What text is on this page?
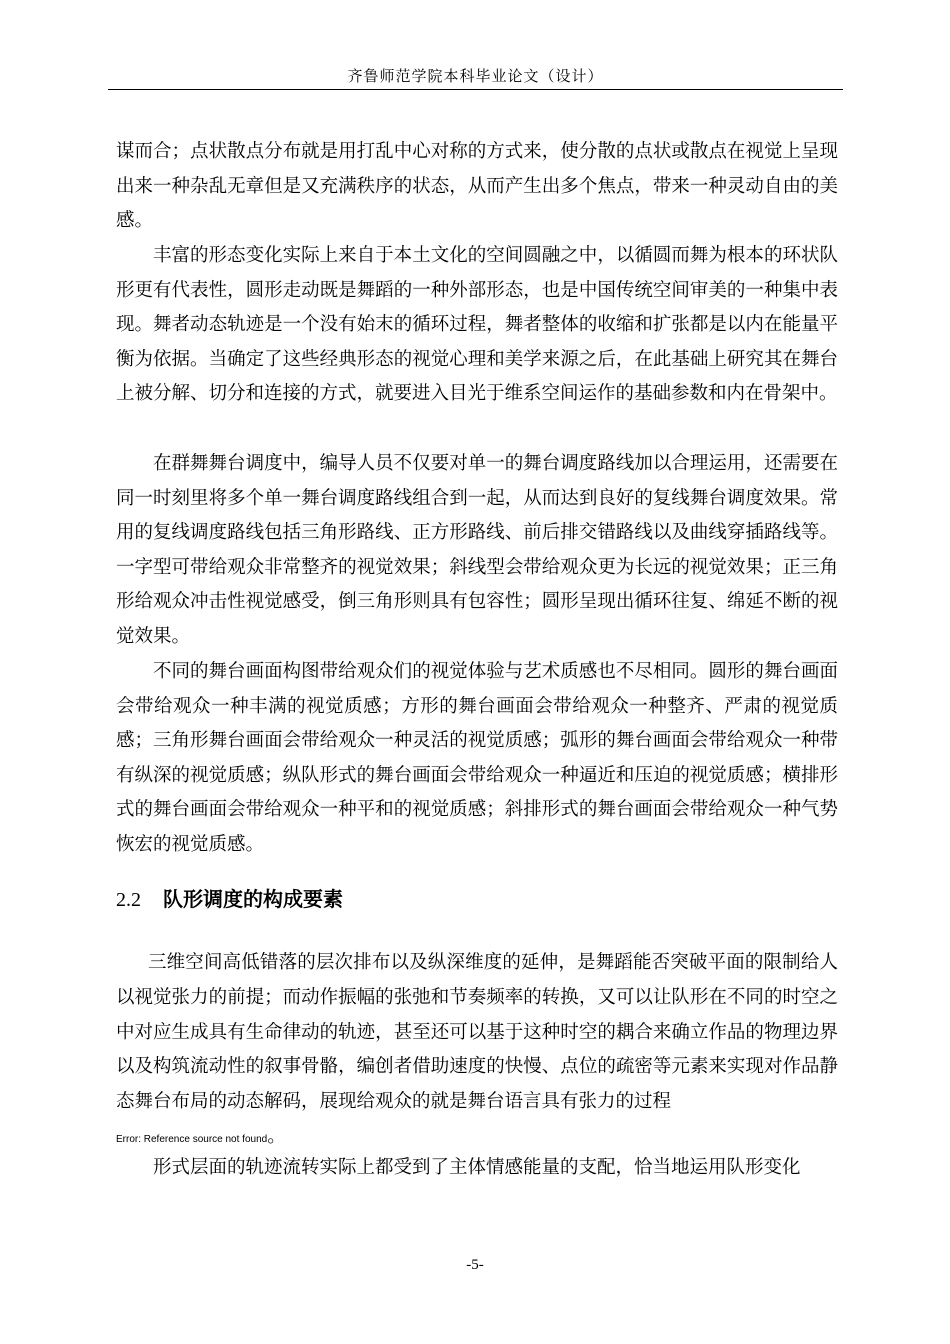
齐鲁师范学院本科毕业论文（设计）

谋而合；点状散点分布就是用打乱中心对称的方式来，使分散的点状或散点在视觉上呈现出来一种杂乱无章但是又充满秩序的状态，从而产生出多个焦点，带来一种灵动自由的美感。

丰富的形态变化实际上来自于本土文化的空间圆融之中，以循圆而舞为根本的环状队形更有代表性，圆形走动既是舞蹈的一种外部形态，也是中国传统空间审美的一种集中表现。舞者动态轨迹是一个没有始末的循环过程，舞者整体的收缩和扩张都是以内在能量平衡为依据。当确定了这些经典形态的视觉心理和美学来源之后，在此基础上研究其在舞台上被分解、切分和连接的方式，就要进入目光于维系空间运作的基础参数和内在骨架中。

在群舞舞台调度中，编导人员不仅要对单一的舞台调度路线加以合理运用，还需要在同一时刻里将多个单一舞台调度路线组合到一起，从而达到良好的复线舞台调度效果。常用的复线调度路线包括三角形路线、正方形路线、前后排交错路线以及曲线穿插路线等。一字型可带给观众非常整齐的视觉效果；斜线型会带给观众更为长远的视觉效果；正三角形给观众冲击性视觉感受，倒三角形则具有包容性；圆形呈现出循环往复、绵延不断的视觉效果。

不同的舞台画面构图带给观众们的视觉体验与艺术质感也不尽相同。圆形的舞台画面会带给观众一种丰满的视觉质感；方形的舞台画面会带给观众一种整齐、严肃的视觉质感；三角形舞台画面会带给观众一种灵活的视觉质感；弧形的舞台画面会带给观众一种带有纵深的视觉质感；纵队形式的舞台画面会带给观众一种逼近和压迫的视觉质感；横排形式的舞台画面会带给观众一种平和的视觉质感；斜排形式的舞台画面会带给观众一种气势恢宏的视觉质感。

2.2 队形调度的构成要素

三维空间高低错落的层次排布以及纵深维度的延伸，是舞蹈能否突破平面的限制给人以视觉张力的前提；而动作振幅的张弛和节奏频率的转换，又可以让队形在不同的时空之中对应生成具有生命律动的轨迹，甚至还可以基于这种时空的耦合来确立作品的物理边界以及构筑流动性的叙事骨骼，编创者借助速度的快慢、点位的疏密等元素来实现对作品静态舞台布局的动态解码，展现给观众的就是舞台语言具有张力的过程
Error: Reference source not found。

形式层面的轨迹流转实际上都受到了主体情感能量的支配，恰当地运用队形变化

-5-
